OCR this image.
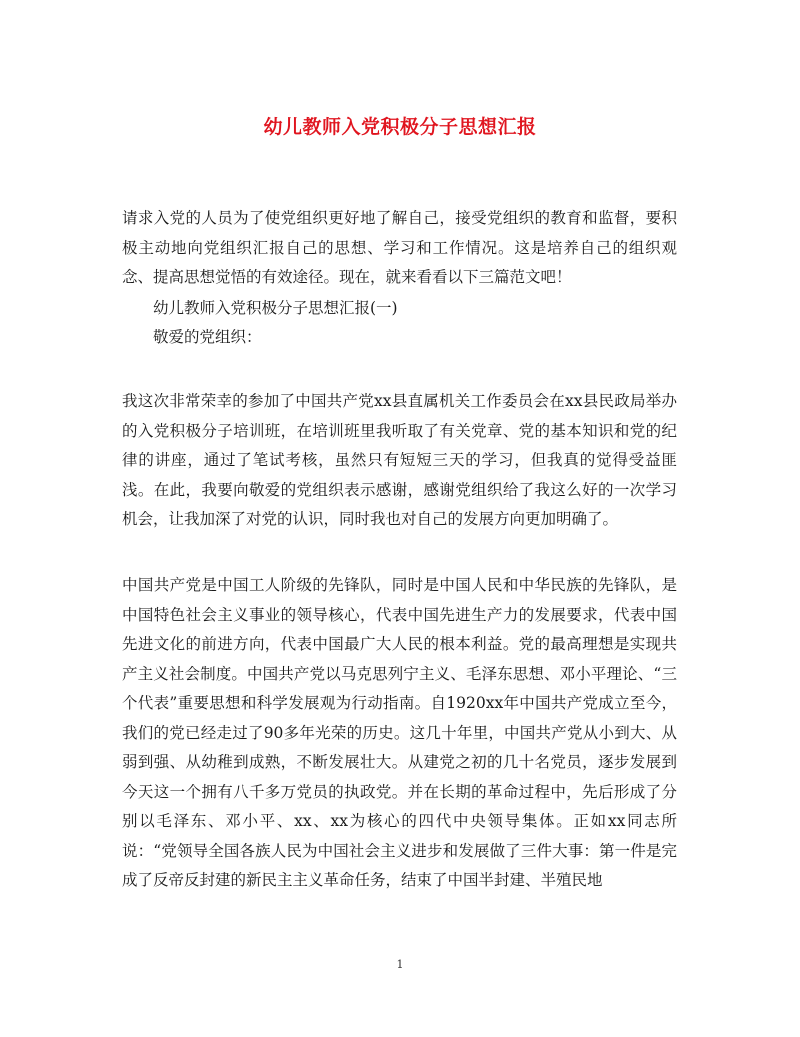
幼儿教师入党积极分子思想汇报
请求入党的人员为了使党组织更好地了解自己，接受党组织的教育和监督，要积极主动地向党组织汇报自己的思想、学习和工作情况。这是培养自己的组织观念、提高思想觉悟的有效途径。现在，就来看看以下三篇范文吧！
幼儿教师入党积极分子思想汇报(一)
敬爱的党组织：
我这次非常荣幸的参加了中国共产党xx县直属机关工作委员会在xx县民政局举办的入党积极分子培训班，在培训班里我听取了有关党章、党的基本知识和党的纪律的讲座，通过了笔试考核，虽然只有短短三天的学习，但我真的觉得受益匪浅。在此，我要向敬爱的党组织表示感谢，感谢党组织给了我这么好的一次学习机会，让我加深了对党的认识，同时我也对自己的发展方向更加明确了。
中国共产党是中国工人阶级的先锋队，同时是中国人民和中华民族的先锋队，是中国特色社会主义事业的领导核心，代表中国先进生产力的发展要求，代表中国先进文化的前进方向，代表中国最广大人民的根本利益。党的最高理想是实现共产主义社会制度。中国共产党以马克思列宁主义、毛泽东思想、邓小平理论、“三个代表”重要思想和科学发展观为行动指南。自1920xx年中国共产党成立至今，我们的党已经走过了90多年光荣的历史。这几十年里，中国共产党从小到大、从弱到强、从幼稚到成熟，不断发展壮大。从建党之初的几十名党员，逐步发展到今天这一个拥有八千多万党员的执政党。并在长期的革命过程中，先后形成了分别以毛泽东、邓小平、xx、xx为核心的四代中央领导集体。正如xx同志所说：“党领导全国各族人民为中国社会主义进步和发展做了三件大事：第一件是完成了反帝反封建的新民主主义革命任务，结束了中国半封建、半殖民地
1
